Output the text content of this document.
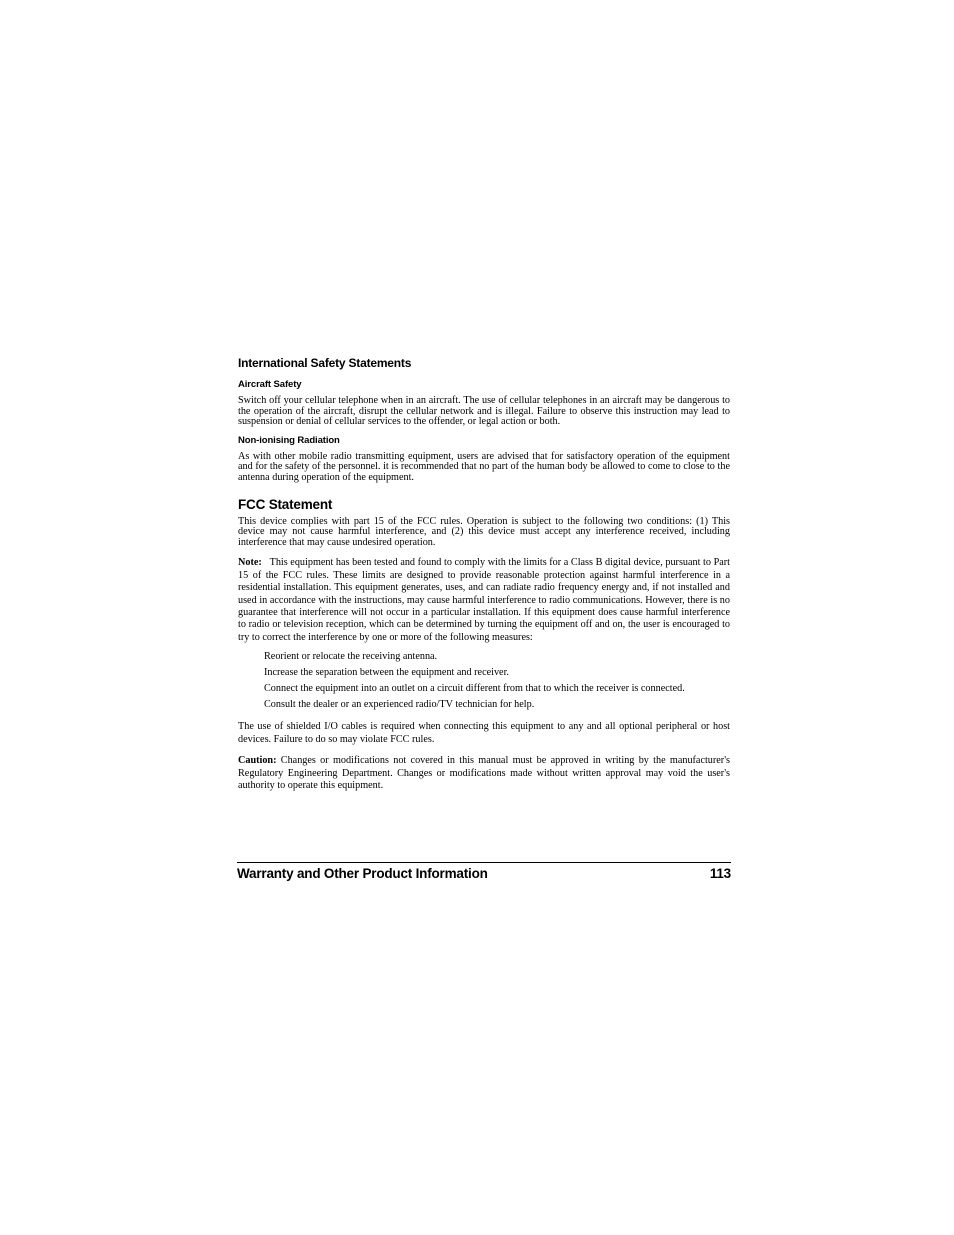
International Safety Statements
Aircraft Safety

Switch off your cellular telephone when in an aircraft. The use of cellular telephones in an aircraft may be dangerous to the operation of the aircraft, disrupt the cellular network and is illegal. Failure to observe this instruction may lead to suspension or denial of cellular services to the offender, or legal action or both.

Non-ionising Radiation

As with other mobile radio transmitting equipment, users are advised that for satisfactory operation of the equipment and for the safety of the personnel. it is recommended that no part of the human body be allowed to come to close to the antenna during operation of the equipment.

FCC Statement

This device complies with part 15 of the FCC rules. Operation is subject to the following two conditions: (1) This device may not cause harmful interference, and (2) this device must accept any interference received, including interference that may cause undesired operation.

Note: This equipment has been tested and found to comply with the limits for a Class B digital device, pursuant to Part 15 of the FCC rules. These limits are designed to provide reasonable protection against harmful interference in a residential installation. This equipment generates, uses, and can radiate radio frequency energy and, if not installed and used in accordance with the instructions, may cause harmful interference to radio communications. However, there is no guarantee that interference will not occur in a particular installation. If this equipment does cause harmful interference to radio or television reception, which can be determined by turning the equipment off and on, the user is encouraged to try to correct the interference by one or more of the following measures:

Reorient or relocate the receiving antenna.
Increase the separation between the equipment and receiver.
Connect the equipment into an outlet on a circuit different from that to which the receiver is connected.
Consult the dealer or an experienced radio/TV technician for help.

The use of shielded I/O cables is required when connecting this equipment to any and all optional peripheral or host devices. Failure to do so may violate FCC rules.

Caution: Changes or modifications not covered in this manual must be approved in writing by the manufacturer's Regulatory Engineering Department. Changes or modifications made without written approval may void the user's authority to operate this equipment.

Warranty and Other Product Information	113
